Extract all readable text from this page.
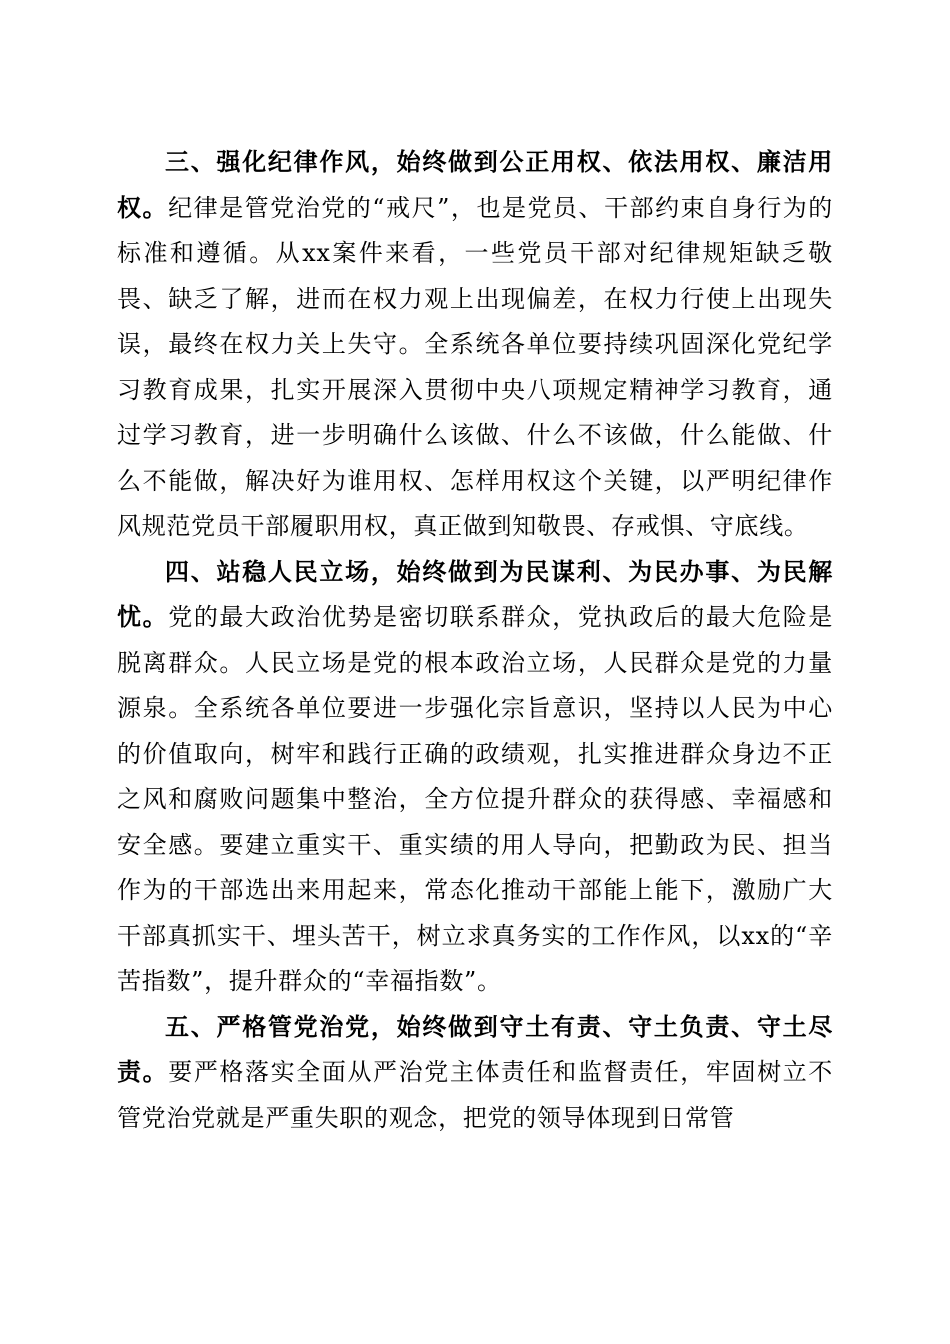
三、强化纪律作风，始终做到公正用权、依法用权、廉洁用权。纪律是管党治党的“戒尺”，也是党员、干部约束自身行为的标准和遵循。从xx案件来看，一些党员干部对纪律规矩缺乏敬畏、缺乏了解，进而在权力观上出现偏差，在权力行使上出现失误，最终在权力关上失守。全系统各单位要持续巩固深化党纪学习教育成果，扎实开展深入贯彻中央八项规定精神学习教育，通过学习教育，进一步明确什么该做、什么不该做，什么能做、什么不能做，解决好为谁用权、怎样用权这个关键，以严明纪律作风规范党员干部履职用权，真正做到知敬畏、存戒惧、守底线。

四、站稳人民立场，始终做到为民谋利、为民办事、为民解忧。党的最大政治优势是密切联系群众，党执政后的最大危险是脱离群众。人民立场是党的根本政治立场，人民群众是党的力量源泉。全系统各单位要进一步强化宗旨意识，坚持以人民为中心的价值取向，树牢和践行正确的政绩观，扎实推进群众身边不正之风和腐败问题集中整治，全方位提升群众的获得感、幸福感和安全感。要建立重实干、重实绩的用人导向，把勤政为民、担当作为的干部选出来用起来，常态化推动干部能上能下，激励广大干部真抓实干、埋头苦干，树立求真务实的工作作风，以xx的“辛苦指数”，提升群众的“幸福指数”。

五、严格管党治党，始终做到守土有责、守土负责、守土尽责。要严格落实全面从严治党主体责任和监督责任，牢固树立不管党治党就是严重失职的观念，把党的领导体现到日常管
